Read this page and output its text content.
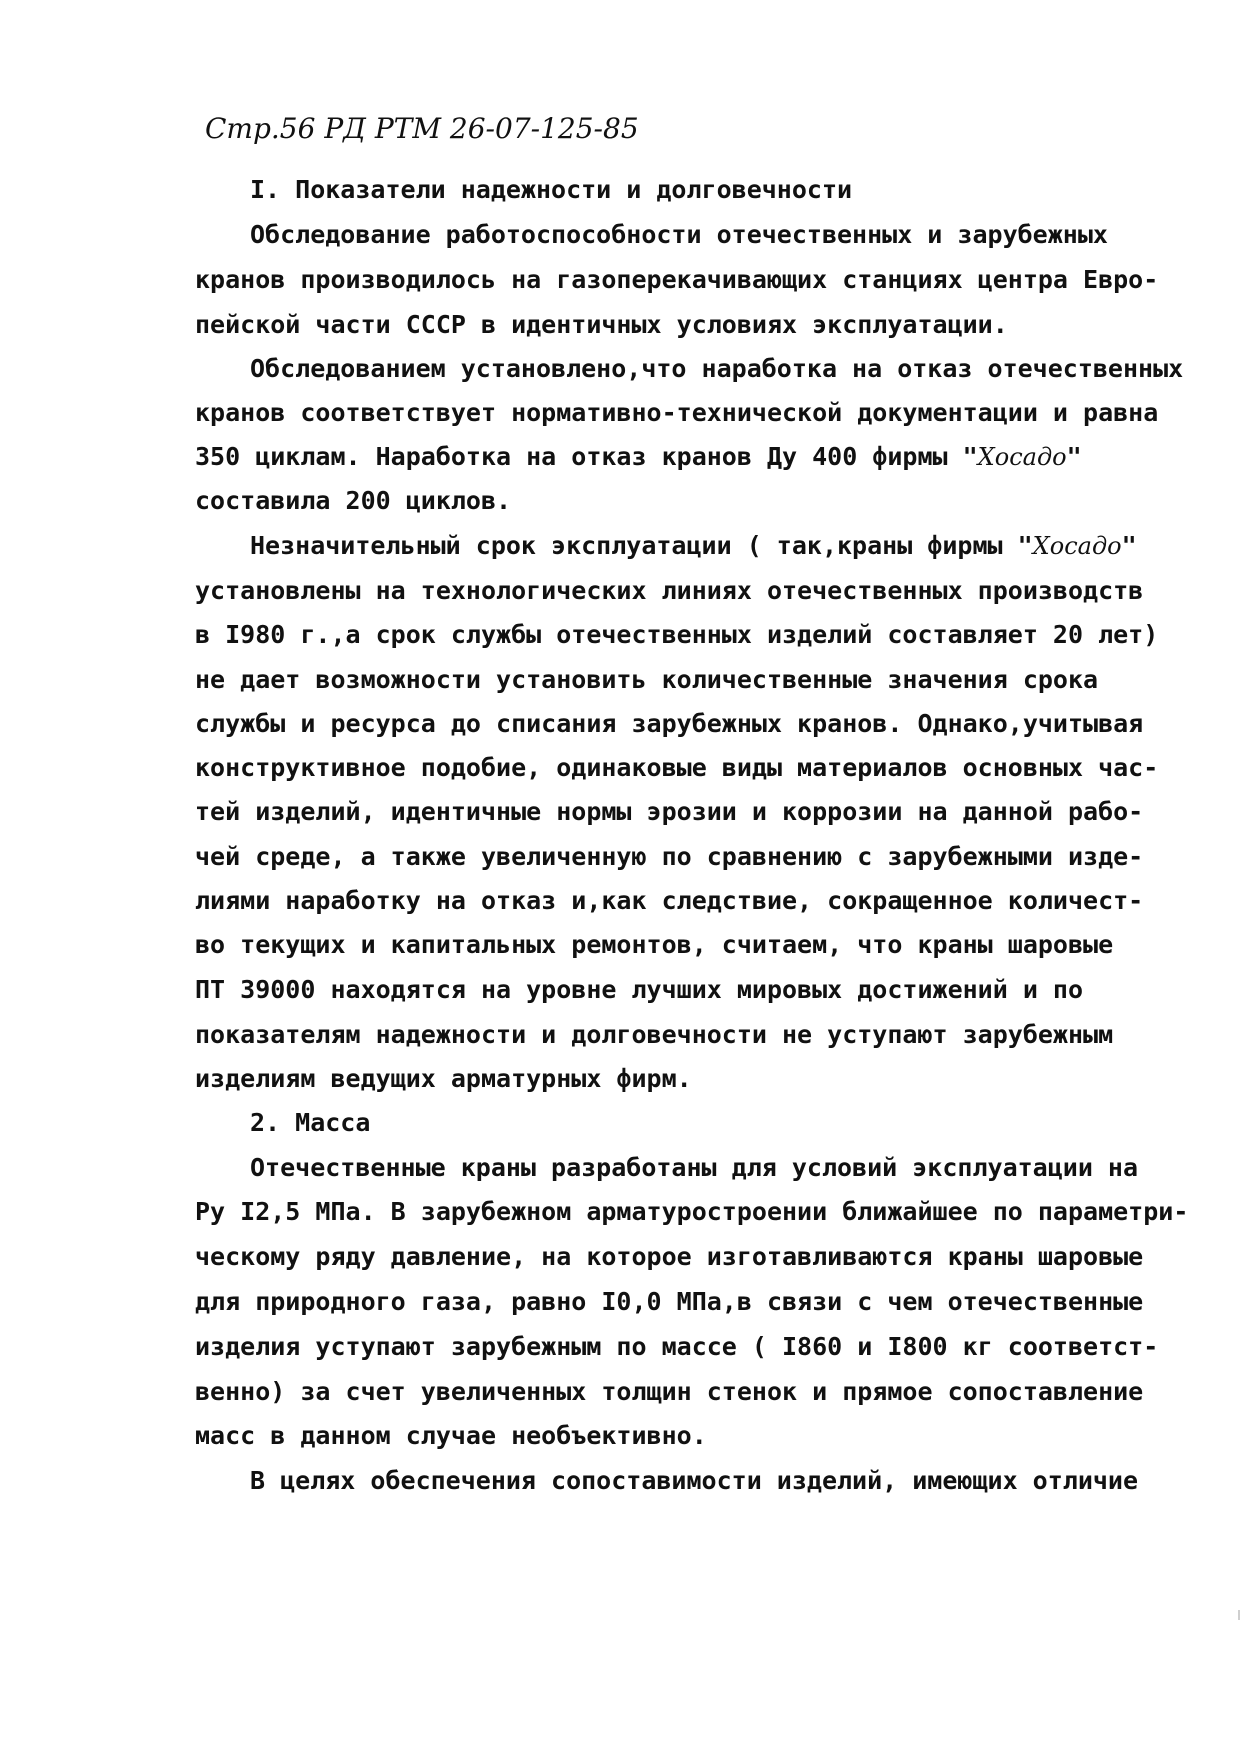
Стр.56 РД РТМ 26-07-125-85
I. Показатели надежности и долговечности
Обследование работоспособности отечественных и зарубежных
кранов производилось на газоперекачивающих станциях центра Евро-
пейской части СССР в идентичных условиях эксплуатации.
Обследованием установлено,что наработка на отказ отечественных
кранов соответствует нормативно-технической документации и равна
350 циклам. Наработка на отказ кранов Ду 400 фирмы "Хосадо"
составила 200 циклов.
Незначительный срок эксплуатации ( так,краны фирмы "Хосадо"
установлены на технологических линиях отечественных производств
в I980 г.,а срок службы отечественных изделий составляет 20 лет)
не дает возможности установить количественные значения срока
службы и ресурса до списания зарубежных кранов. Однако,учитывая
конструктивное подобие, одинаковые виды материалов основных час-
тей изделий, идентичные нормы эрозии и коррозии на данной рабо-
чей среде, а также увеличенную по сравнению с зарубежными изде-
лиями наработку на отказ и,как следствие, сокращенное количест-
во текущих и капитальных ремонтов, считаем, что краны шаровые
ПТ 39000 находятся на уровне лучших мировых достижений и по
показателям надежности и долговечности не уступают зарубежным
изделиям ведущих арматурных фирм.
2. Масса
Отечественные краны разработаны для условий эксплуатации на
Ру I2,5 МПа. В зарубежном арматуростроении ближайшее по параметри-
ческому ряду давление, на которое изготавливаются краны шаровые
для природного газа, равно I0,0 МПа,в связи с чем отечественные
изделия уступают зарубежным по массе ( I860 и I800 кг соответст-
венно) за счет увеличенных толщин стенок и прямое сопоставление
масс в данном случае необъективно.
В целях обеспечения сопоставимости изделий, имеющих отличие
